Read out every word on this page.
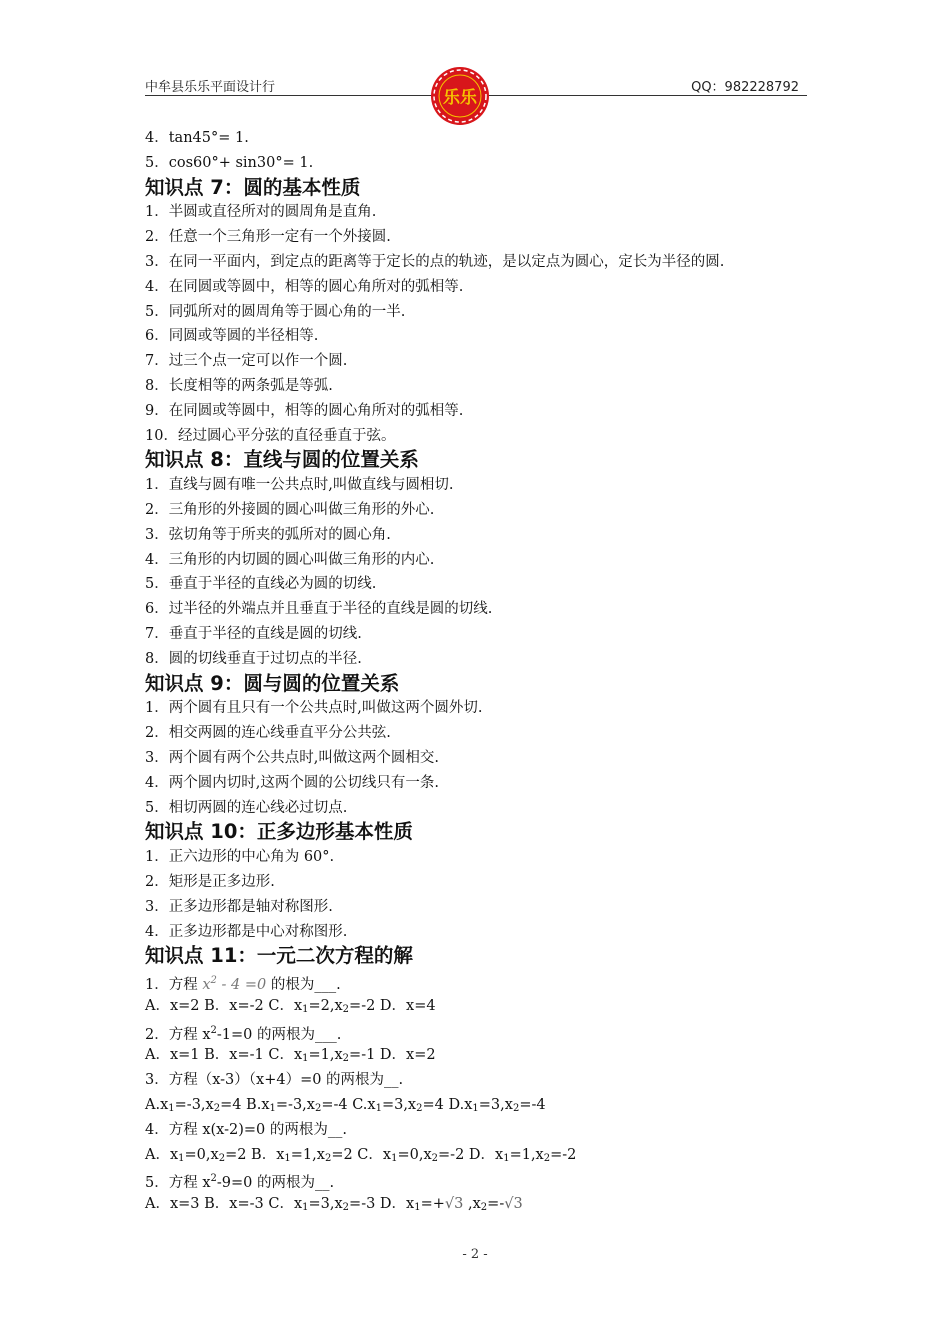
中牟县乐乐平面设计行	QQ：982228792
乐乐
4．tan45°= 1.
5．cos60°+ sin30°= 1.
知识点 7：圆的基本性质
1．半圆或直径所对的圆周角是直角.
2．任意一个三角形一定有一个外接圆.
3．在同一平面内，到定点的距离等于定长的点的轨迹，是以定点为圆心，定长为半径的圆.
4．在同圆或等圆中，相等的圆心角所对的弧相等.
5．同弧所对的圆周角等于圆心角的一半.
6．同圆或等圆的半径相等.
7．过三个点一定可以作一个圆.
8．长度相等的两条弧是等弧.
9．在同圆或等圆中，相等的圆心角所对的弧相等.
10．经过圆心平分弦的直径垂直于弦。
知识点 8：直线与圆的位置关系
1．直线与圆有唯一公共点时,叫做直线与圆相切.
2．三角形的外接圆的圆心叫做三角形的外心.
3．弦切角等于所夹的弧所对的圆心角.
4．三角形的内切圆的圆心叫做三角形的内心.
5．垂直于半径的直线必为圆的切线.
6．过半径的外端点并且垂直于半径的直线是圆的切线.
7．垂直于半径的直线是圆的切线.
8．圆的切线垂直于过切点的半径.
知识点 9：圆与圆的位置关系
1．两个圆有且只有一个公共点时,叫做这两个圆外切.
2．相交两圆的连心线垂直平分公共弦.
3．两个圆有两个公共点时,叫做这两个圆相交.
4．两个圆内切时,这两个圆的公切线只有一条.
5．相切两圆的连心线必过切点.
知识点 10：正多边形基本性质
1．正六边形的中心角为 60°.
2．矩形是正多边形.
3．正多边形都是轴对称图形.
4．正多边形都是中心对称图形.
知识点 11：一元二次方程的解
1．方程 $x^2 - 4 =0$ 的根为___.
A．x=2 B．x=-2 C．$x_1=2,x_2=-2$ D．x=4
2．方程 $x^2-1=0$ 的两根为___.
A．x=1 B．x=-1 C．$x_1=1,x_2=-1$ D．x=2
3．方程（x-3）（x+4）=0 的两根为__.
$A.x_1=-3,x_2=4$ $B.x_1=-3,x_2=-4$ $C.x_1=3,x_2=4$ $D.x_1=3,x_2=-4$
4．方程 x(x-2)=0 的两根为__.
A．$x_1=0,x_2=2$ B．$x_1=1,x_2=2$ C．$x_1=0,x_2=-2$ D．$x_1=1,x_2=-2$
5．方程 $x^2-9=0$ 的两根为__.
A．x=3 B．x=-3 C．$x_1=3,x_2=-3$ D．$x_1=+√3$ $,x_2=-√3$
- 2 -
